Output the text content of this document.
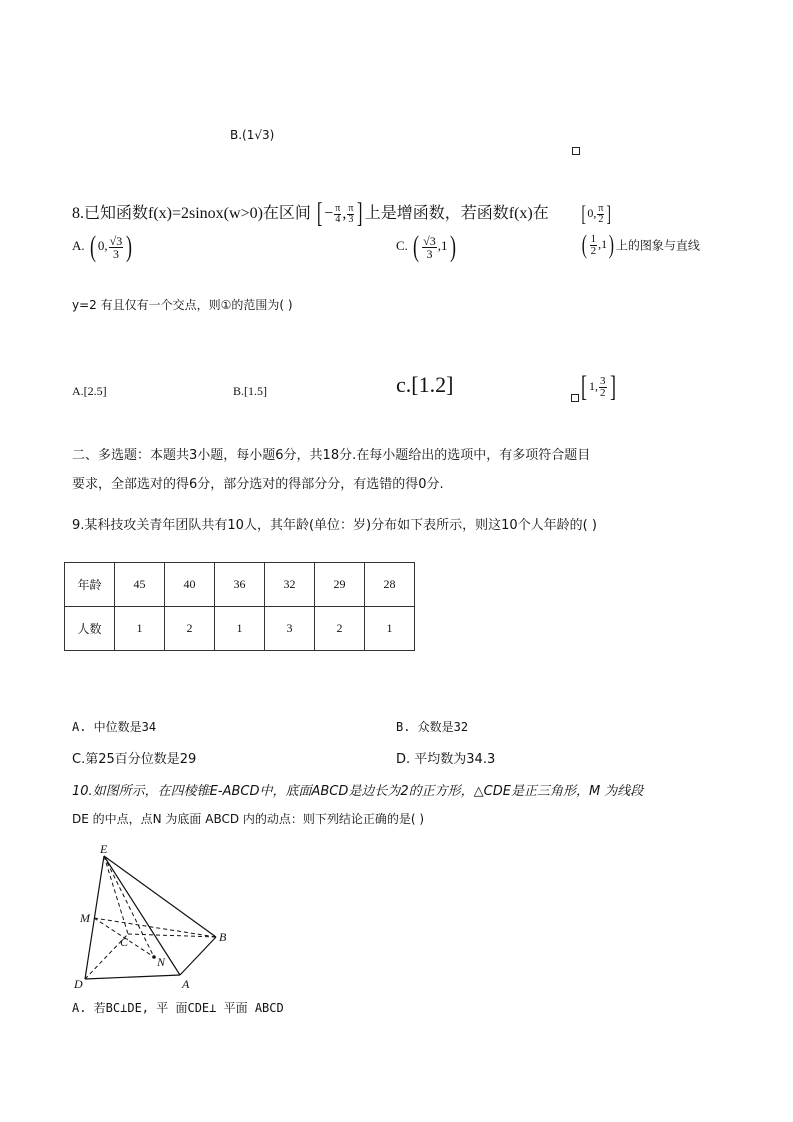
B.(1√3)
8.已知函数f(x)=2sinox(w>0)在区间 [ − $\frac{\pi}{4}$ , $\frac{\pi}{3}$ ] 上是增函数，若函数f(x)在 [0, $\frac{\pi}{2}$ ]
A. ( 0, $\frac{√3}{3}$ )	C. ( $\frac{√3}{3} ,1$)	( $\frac{1}{2} ,1$) 上的图象与直线
y=2 有且仅有一个交点，则①的范围为( )
A.[2.5]	B.[1.5]	c.[1.2]	[ 1, $\frac{3}{2}$ ]
二、多选题：本题共3小题，每小题6分，共18分.在每小题给出的选项中，有多项符合题目
要求，全部选对的得6分，部分选对的得部分分，有选错的得0分.
9.某科技攻关青年团队共有10人，其年龄(单位：岁)分布如下表所示，则这10个人年龄的( )
年龄	45	40	36	32	29	28
人数	1	2	1	3	2	1
A. 中位数是34	B. 众数是32
C.第25百分位数是29	D. 平均数为34.3
10.如图所示，在四棱锥E-ABCD中，底面ABCD是边长为2的正方形，△CDE是正三角形，M 为线段
DE 的中点，点N 为底面 ABCD 内的动点：则下列结论正确的是( )
E
M
C
N
B
D	A
A. 若BC⊥DE, 平 面CDE⊥ 平面 ABCD
